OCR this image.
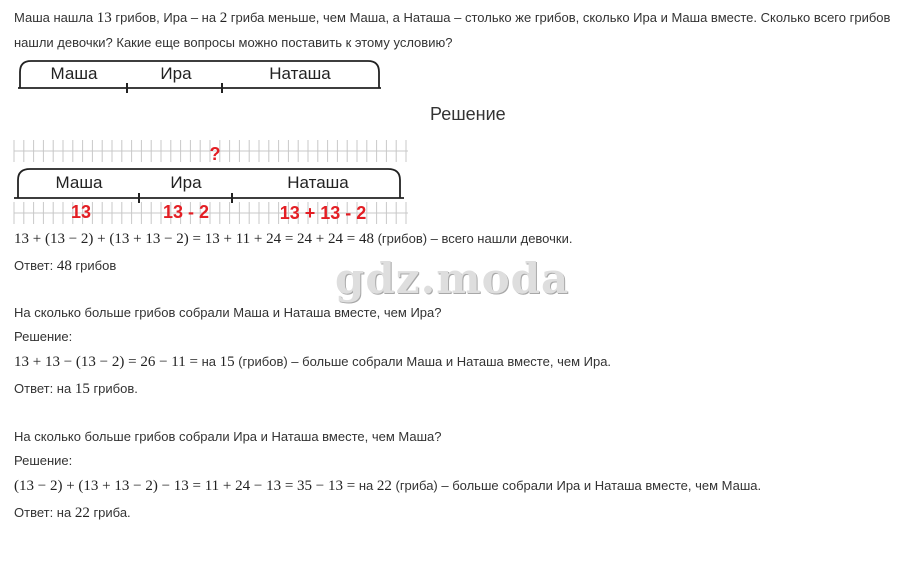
Маша нашла 13 грибов, Ира – на 2 гриба меньше, чем Маша, а Наташа – столько же грибов, сколько Ира и Маша вместе. Сколько всего грибов
нашли девочки? Какие еще вопросы можно поставить к этому условию?
Маша	Ира	Наташа
Решение
?
Маша	Ира	Наташа
13	13 - 2	13 + 13 - 2
13 + (13 − 2) + (13 + 13 − 2) = 13 + 11 + 24 = 24 + 24 = 48 (грибов) – всего нашли девочки.
Ответ: 48 грибов	gdz.moda
На сколько больше грибов собрали Маша и Наташа вместе, чем Ира?
Решение:
13 + 13 − (13 − 2) = 26 − 11 = на 15 (грибов) – больше собрали Маша и Наташа вместе, чем Ира.
Ответ: на 15 грибов.
На сколько больше грибов собрали Ира и Наташа вместе, чем Маша?
Решение:
(13 − 2) + (13 + 13 − 2) − 13 = 11 + 24 − 13 = 35 − 13 = на 22 (гриба) – больше собрали Ира и Наташа вместе, чем Маша.
Ответ: на 22 гриба.
